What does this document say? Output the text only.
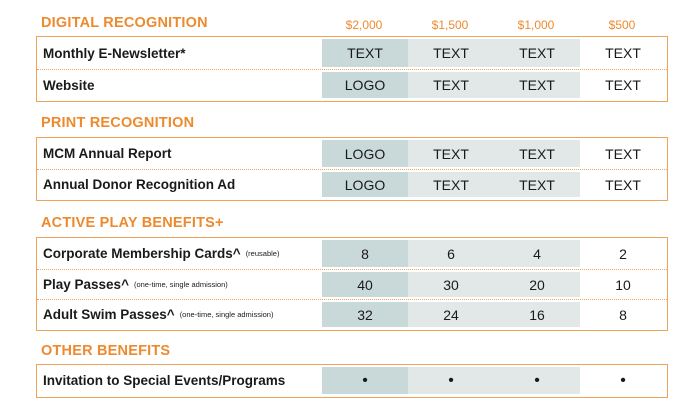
$2,000	$1,500	$1,000	$500
DIGITAL RECOGNITION
Monthly E-Newsletter*	TEXT	TEXT	TEXT	TEXT
Website	LOGO	TEXT	TEXT	TEXT
PRINT RECOGNITION
MCM Annual Report	LOGO	TEXT	TEXT	TEXT
Annual Donor Recognition Ad	LOGO	TEXT	TEXT	TEXT
ACTIVE PLAY BENEFITS+
Corporate Membership Cards^ (reusable)	8	6	4	2
Play Passes^ (one-time, single admission)	40	30	20	10
Adult Swim Passes^ (one-time, single admission)	32	24	16	8
OTHER BENEFITS
Invitation to Special Events/Programs	•	•	•	•
